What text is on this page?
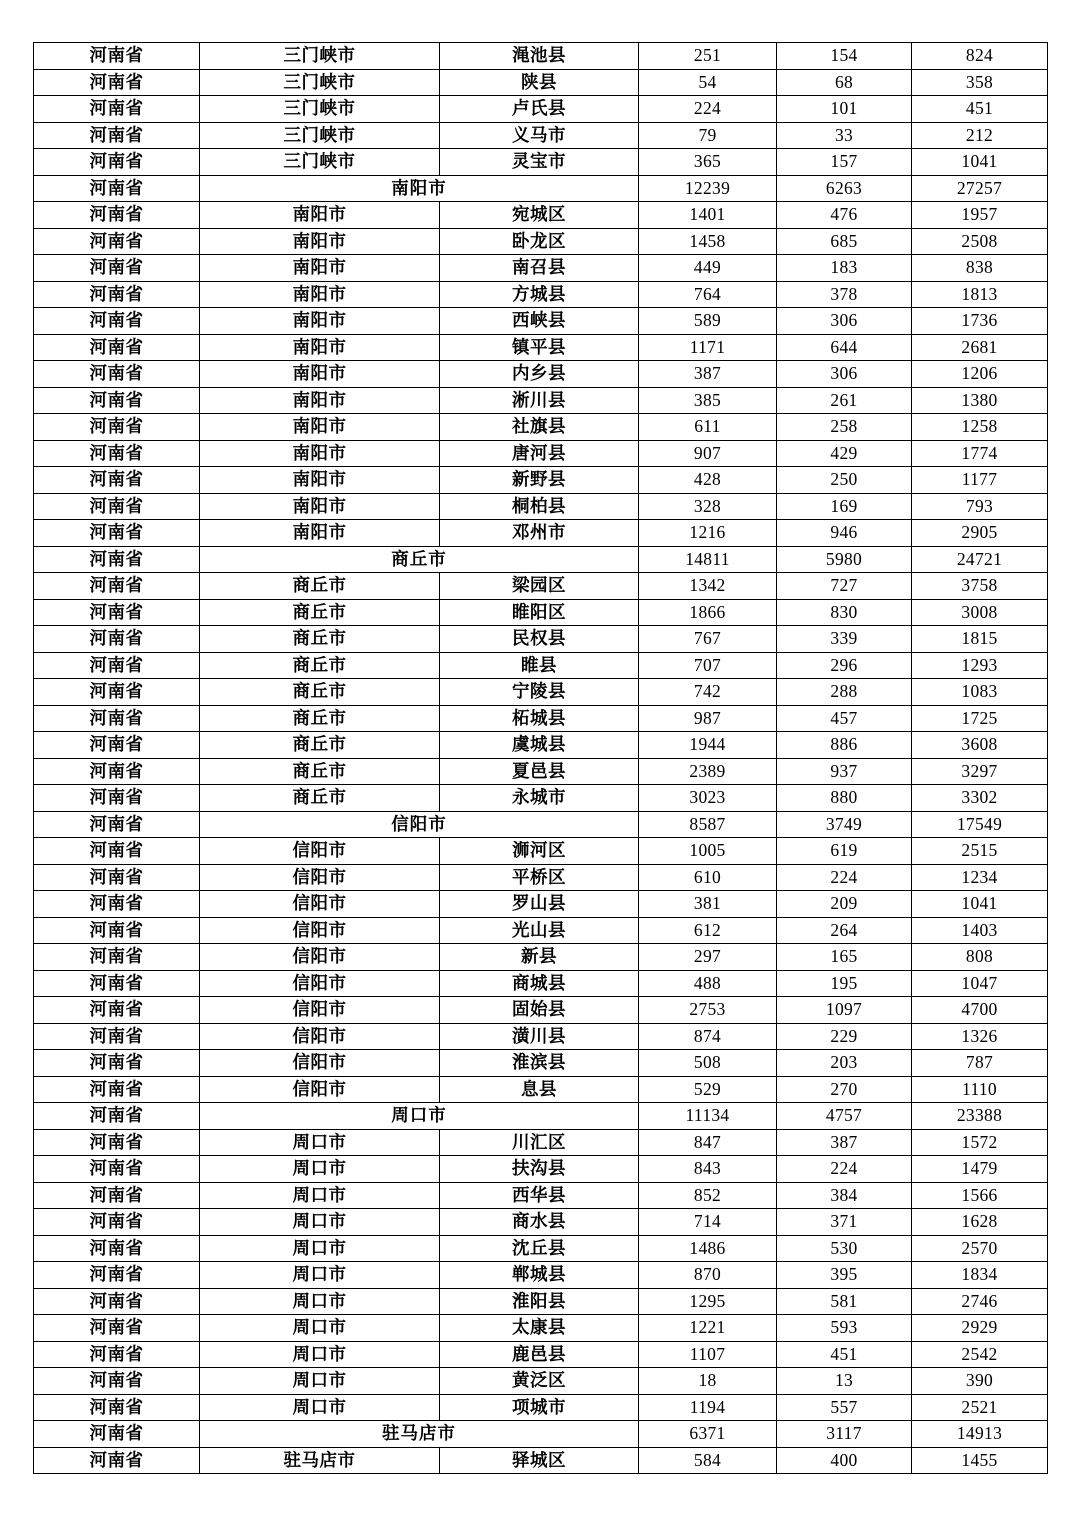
河南省	三门峡市	渑池县	251	154	824
河南省	三门峡市	陕县	54	68	358
河南省	三门峡市	卢氏县	224	101	451
河南省	三门峡市	义马市	79	33	212
河南省	三门峡市	灵宝市	365	157	1041
河南省	南阳市		12239	6263	27257
河南省	南阳市	宛城区	1401	476	1957
河南省	南阳市	卧龙区	1458	685	2508
河南省	南阳市	南召县	449	183	838
河南省	南阳市	方城县	764	378	1813
河南省	南阳市	西峡县	589	306	1736
河南省	南阳市	镇平县	1171	644	2681
河南省	南阳市	内乡县	387	306	1206
河南省	南阳市	淅川县	385	261	1380
河南省	南阳市	社旗县	611	258	1258
河南省	南阳市	唐河县	907	429	1774
河南省	南阳市	新野县	428	250	1177
河南省	南阳市	桐柏县	328	169	793
河南省	南阳市	邓州市	1216	946	2905
河南省	商丘市		14811	5980	24721
河南省	商丘市	梁园区	1342	727	3758
河南省	商丘市	睢阳区	1866	830	3008
河南省	商丘市	民权县	767	339	1815
河南省	商丘市	睢县	707	296	1293
河南省	商丘市	宁陵县	742	288	1083
河南省	商丘市	柘城县	987	457	1725
河南省	商丘市	虞城县	1944	886	3608
河南省	商丘市	夏邑县	2389	937	3297
河南省	商丘市	永城市	3023	880	3302
河南省	信阳市		8587	3749	17549
河南省	信阳市	浉河区	1005	619	2515
河南省	信阳市	平桥区	610	224	1234
河南省	信阳市	罗山县	381	209	1041
河南省	信阳市	光山县	612	264	1403
河南省	信阳市	新县	297	165	808
河南省	信阳市	商城县	488	195	1047
河南省	信阳市	固始县	2753	1097	4700
河南省	信阳市	潢川县	874	229	1326
河南省	信阳市	淮滨县	508	203	787
河南省	信阳市	息县	529	270	1110
河南省	周口市		11134	4757	23388
河南省	周口市	川汇区	847	387	1572
河南省	周口市	扶沟县	843	224	1479
河南省	周口市	西华县	852	384	1566
河南省	周口市	商水县	714	371	1628
河南省	周口市	沈丘县	1486	530	2570
河南省	周口市	郸城县	870	395	1834
河南省	周口市	淮阳县	1295	581	2746
河南省	周口市	太康县	1221	593	2929
河南省	周口市	鹿邑县	1107	451	2542
河南省	周口市	黄泛区	18	13	390
河南省	周口市	项城市	1194	557	2521
河南省	驻马店市		6371	3117	14913
河南省	驻马店市	驿城区	584	400	1455
